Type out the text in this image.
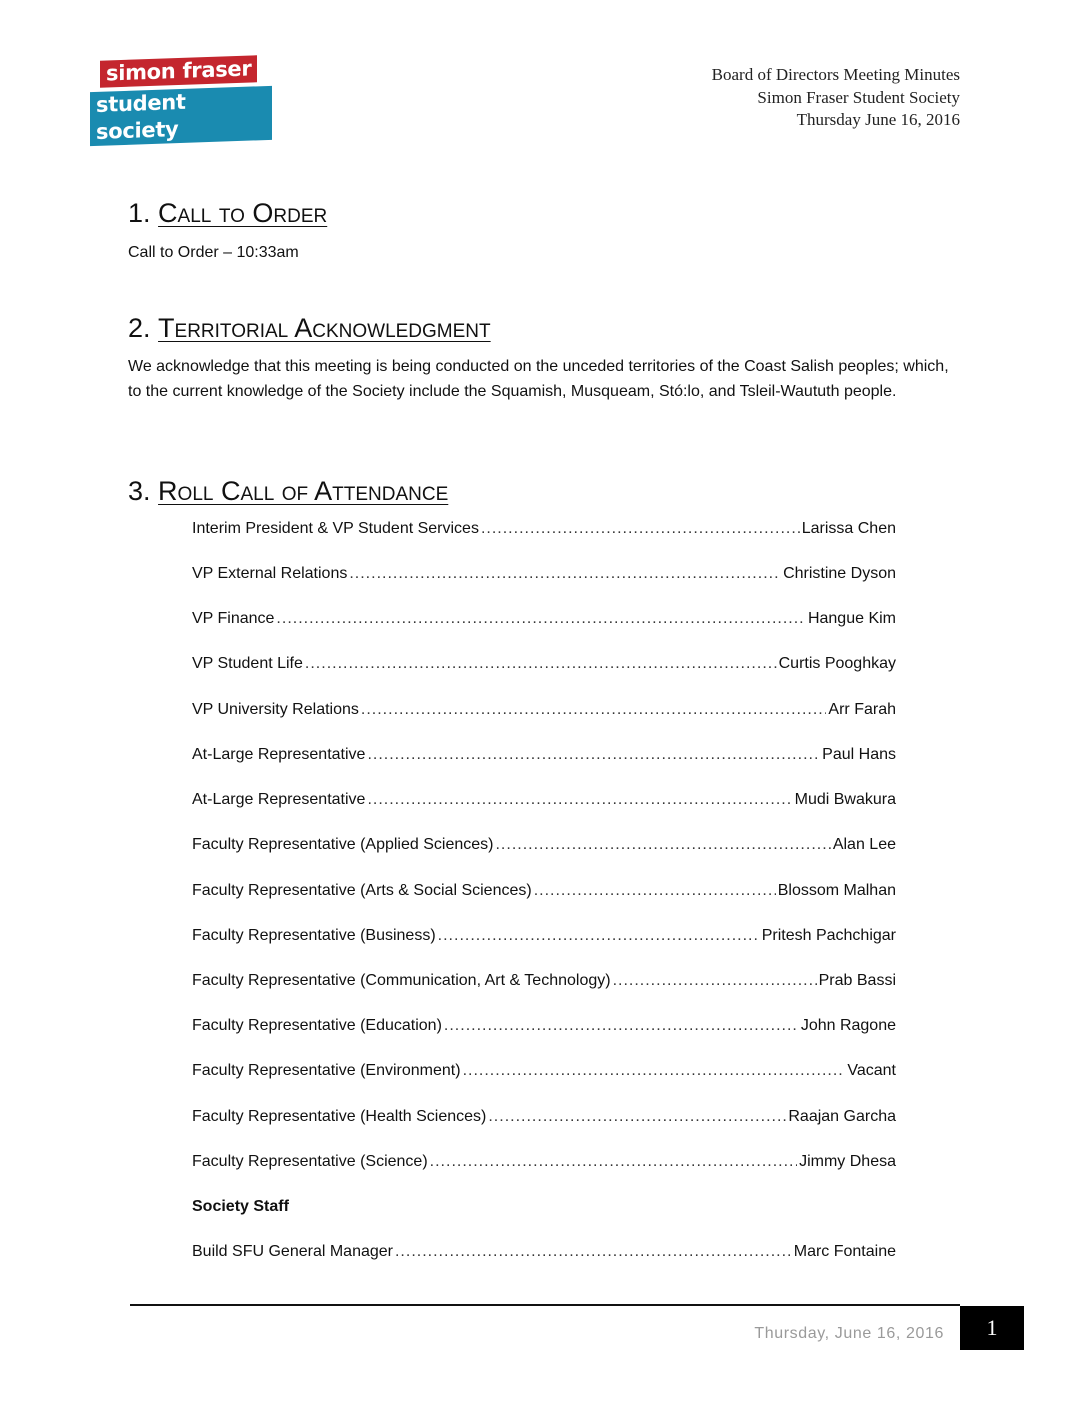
simon fraser
student society
Board of Directors Meeting Minutes
Simon Fraser Student Society
Thursday June 16, 2016
1. Call to Order
Call to Order – 10:33am
2. Territorial Acknowledgment
We acknowledge that this meeting is being conducted on the unceded territories of the Coast Salish peoples; which, to the current knowledge of the Society include the Squamish, Musqueam, Stó:lo, and Tsleil-Waututh people.
3. Roll Call of Attendance
Interim President & VP Student Services .....	Larissa Chen
VP External Relations .....	Christine Dyson
VP Finance .....	Hangue Kim
VP Student Life .....	Curtis Pooghkay
VP University Relations .....	Arr Farah
At-Large Representative .....	Paul Hans
At-Large Representative .....	Mudi Bwakura
Faculty Representative (Applied Sciences) .....	Alan Lee
Faculty Representative (Arts & Social Sciences) .....	Blossom Malhan
Faculty Representative (Business) .....	Pritesh Pachchigar
Faculty Representative (Communication, Art & Technology) .....	Prab Bassi
Faculty Representative (Education) .....	John Ragone
Faculty Representative (Environment) .....	Vacant
Faculty Representative (Health Sciences) .....	Raajan Garcha
Faculty Representative (Science) .....	Jimmy Dhesa
Society Staff
Build SFU General Manager .....	Marc Fontaine
Thursday, June 16, 2016	1
